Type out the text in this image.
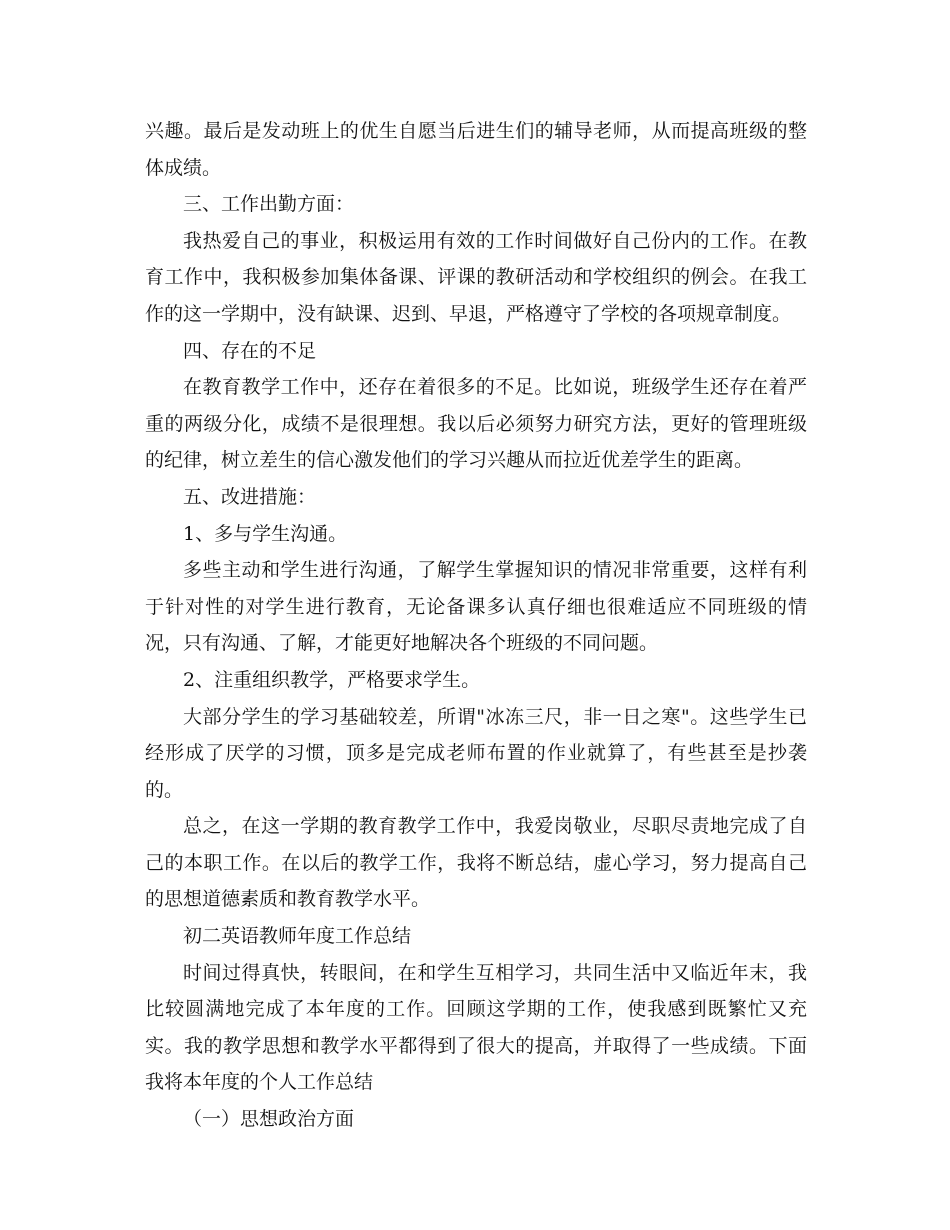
兴趣。最后是发动班上的优生自愿当后进生们的辅导老师，从而提高班级的整体成绩。

三、工作出勤方面：

我热爱自己的事业，积极运用有效的工作时间做好自己份内的工作。在教育工作中，我积极参加集体备课、评课的教研活动和学校组织的例会。在我工作的这一学期中，没有缺课、迟到、早退，严格遵守了学校的各项规章制度。

四、存在的不足

在教育教学工作中，还存在着很多的不足。比如说，班级学生还存在着严重的两级分化，成绩不是很理想。我以后必须努力研究方法，更好的管理班级的纪律，树立差生的信心激发他们的学习兴趣从而拉近优差学生的距离。

五、改进措施：

1、多与学生沟通。

多些主动和学生进行沟通，了解学生掌握知识的情况非常重要，这样有利于针对性的对学生进行教育，无论备课多认真仔细也很难适应不同班级的情况，只有沟通、了解，才能更好地解决各个班级的不同问题。

2、注重组织教学，严格要求学生。

大部分学生的学习基础较差，所谓"冰冻三尺，非一日之寒"。这些学生已经形成了厌学的习惯，顶多是完成老师布置的作业就算了，有些甚至是抄袭的。

总之，在这一学期的教育教学工作中，我爱岗敬业，尽职尽责地完成了自己的本职工作。在以后的教学工作，我将不断总结，虚心学习，努力提高自己的思想道德素质和教育教学水平。

初二英语教师年度工作总结

时间过得真快，转眼间，在和学生互相学习，共同生活中又临近年末，我比较圆满地完成了本年度的工作。回顾这学期的工作，使我感到既繁忙又充实。我的教学思想和教学水平都得到了很大的提高，并取得了一些成绩。下面我将本年度的个人工作总结

（一）思想政治方面
